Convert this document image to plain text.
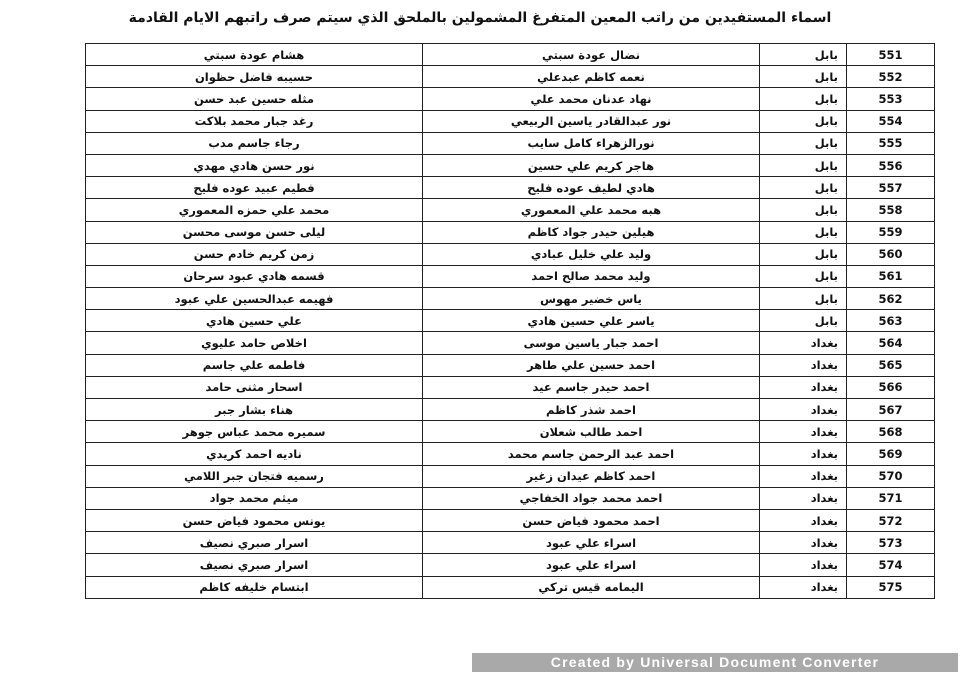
اسماء المستفيدين من راتب المعين المتفرغ المشمولين بالملحق الذي سيتم صرف راتبهم الايام القادمة
هشام عودة سبتي	نضال عودة سبتي	بابل	551
حسيبه فاضل حظوان	نعمه كاظم عبدعلي	بابل	552
مثله حسين عبد حسن	نهاد عدنان محمد علي	بابل	553
رغد جبار محمد بلاكت	نور عبدالقادر ياسين الربيعي	بابل	554
رجاء جاسم مدب	نورالزهراء كامل سايب	بابل	555
نور حسن هادي مهدي	هاجر كريم علي حسين	بابل	556
فطيم عبيد عوده فليح	هادي لطيف عوده فليح	بابل	557
محمد علي حمزه المعموري	هبه محمد علي المعموري	بابل	558
ليلى حسن موسى محسن	هيلين حيدر جواد كاظم	بابل	559
زمن كريم خادم حسن	وليد علي خليل عبادي	بابل	560
قسمه هادي عبود سرحان	وليد محمد صالح احمد	بابل	561
فهيمه عبدالحسين علي عبود	ياس خضير مهوس	بابل	562
علي حسين هادي	ياسر علي حسين هادي	بابل	563
اخلاص حامد عليوي	احمد جبار ياسين موسى	بغداد	564
فاطمه علي جاسم	احمد حسين علي طاهر	بغداد	565
اسحار مثنى حامد	احمد حيدر جاسم عيد	بغداد	566
هناء بشار جبر	احمد شذر كاظم	بغداد	567
سميره محمد عباس جوهر	احمد طالب شعلان	بغداد	568
ناديه احمد كريدي	احمد عبد الرحمن جاسم محمد	بغداد	569
رسميه فتجان جبر اللامي	احمد كاظم عيدان زغير	بغداد	570
ميثم محمد جواد	احمد محمد جواد الخفاجي	بغداد	571
يونس محمود فياض حسن	احمد محمود فياض حسن	بغداد	572
اسرار صبري نصيف	اسراء علي عبود	بغداد	573
اسرار صبري نصيف	اسراء علي عبود	بغداد	574
ابتسام خليفه كاظم	اليمامه قيس تركي	بغداد	575
Created by Universal Document Converter
